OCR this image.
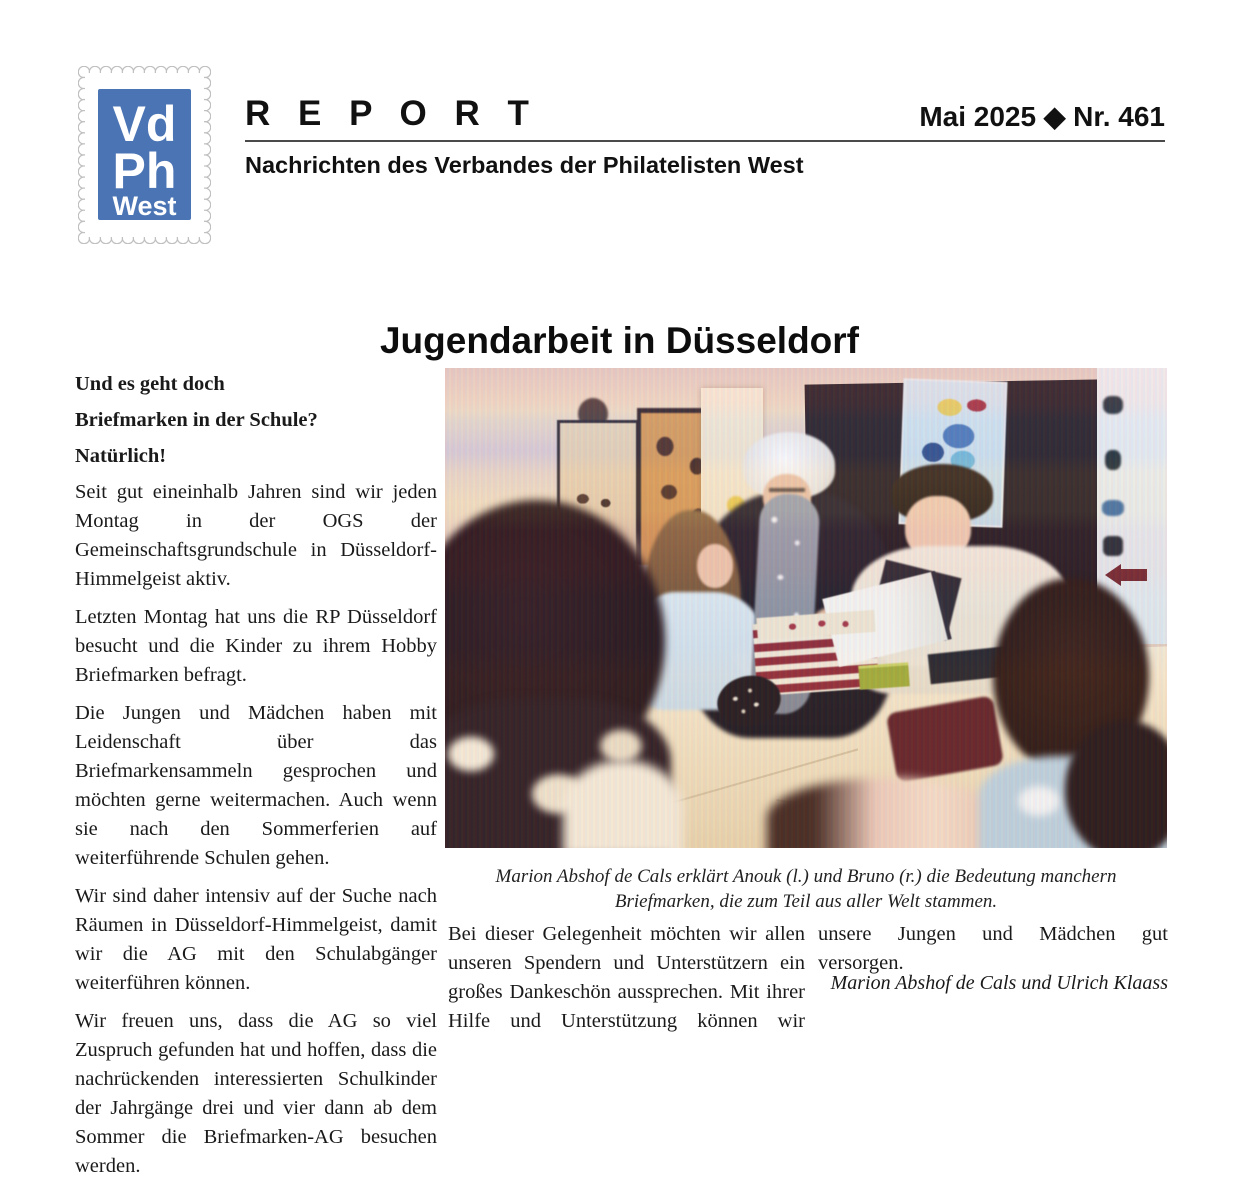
Vd
Ph
West
R E P O R T	Mai 2025 ◆ Nr. 461
Nachrichten des Verbandes der Philatelisten West
Jugendarbeit in Düsseldorf

Und es geht doch

Briefmarken in der Schule?

Natürlich!

Seit gut eineinhalb Jahren sind wir jeden Montag in der OGS der Gemeinschaftsgrundschule in Düsseldorf-Himmelgeist aktiv.

Letzten Montag hat uns die RP Düsseldorf besucht und die Kinder zu ihrem Hobby Briefmarken befragt.

Die Jungen und Mädchen haben mit Leidenschaft über das Briefmarkensammeln gesprochen und möchten gerne weitermachen. Auch wenn sie nach den Sommerferien auf weiterführende Schulen gehen.

Wir sind daher intensiv auf der Suche nach Räumen in Düsseldorf-Himmelgeist, damit wir die AG mit den Schulabgänger weiterführen können.

Wir freuen uns, dass die AG so viel Zuspruch gefunden hat und hoffen, dass die nachrückenden interessierten Schulkinder der Jahrgänge drei und vier dann ab dem Sommer die Briefmarken-AG besuchen werden.

Marion Abshof de Cals erklärt Anouk (l.) und Bruno (r.) die Bedeutung manchern Briefmarken, die zum Teil aus aller Welt stammen.
Bei dieser Gelegenheit möchten wir allen unseren Spendern und Unterstützern ein großes Dankeschön aussprechen. Mit ihrer Hilfe und Unterstützung können wir
unsere Jungen und Mädchen gut versorgen.
Marion Abshof de Cals und Ulrich Klaass
